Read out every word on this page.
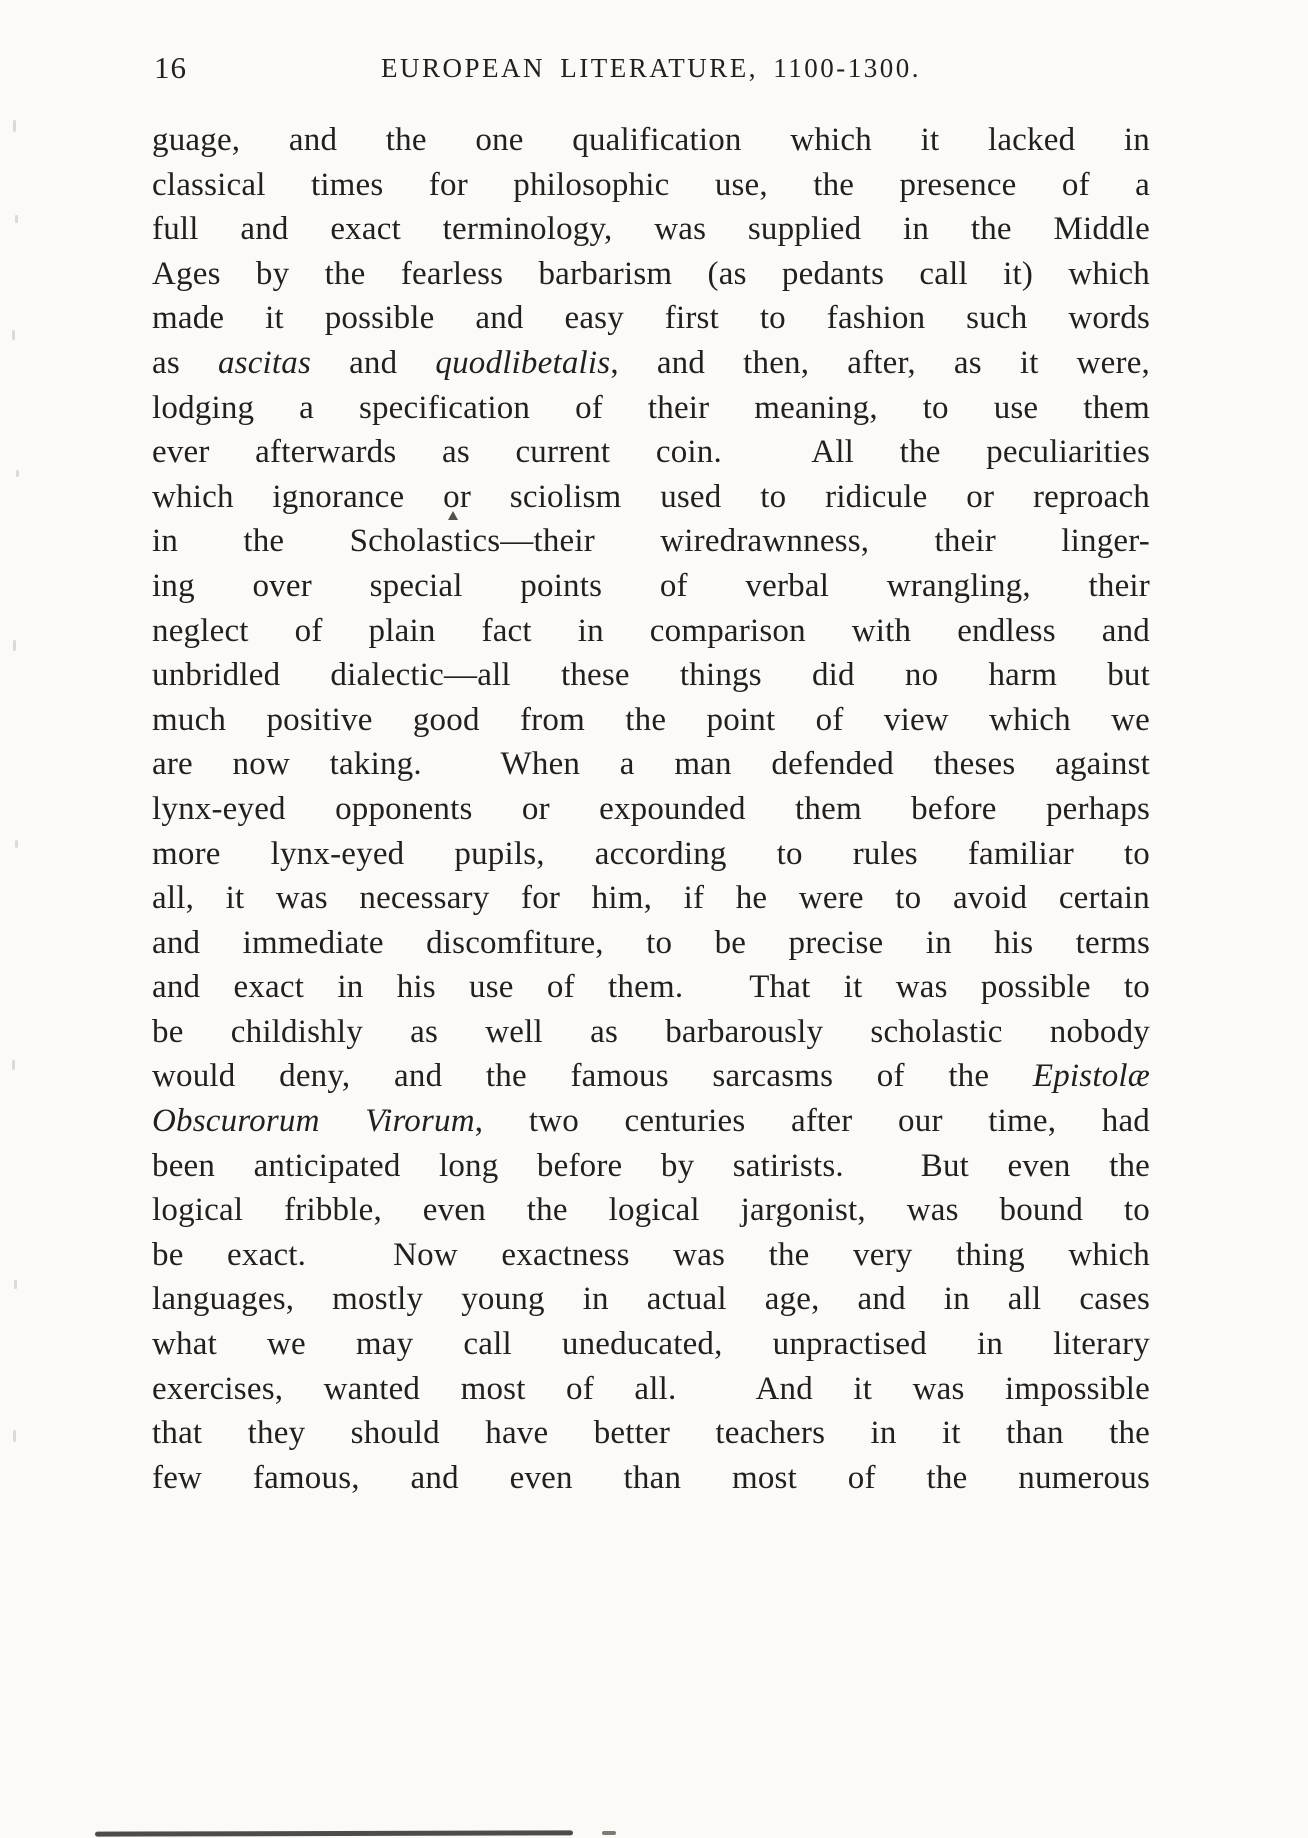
16	EUROPEAN LITERATURE, 1100-1300.
guage, and the one qualification which it lacked in
classical times for philosophic use, the presence of a
full and exact terminology, was supplied in the Middle
Ages by the fearless barbarism (as pedants call it) which
made it possible and easy first to fashion such words
as ascitas and quodlibetalis, and then, after, as it were,
lodging a specification of their meaning, to use them
ever afterwards as current coin.  All the peculiarities
which ignorance or sciolism used to ridicule or reproach
in the Scholastics—their wiredrawnness, their linger-
ing over special points of verbal wrangling, their
neglect of plain fact in comparison with endless and
unbridled dialectic—all these things did no harm but
much positive good from the point of view which we
are now taking.  When a man defended theses against
lynx-eyed opponents or expounded them before perhaps
more lynx-eyed pupils, according to rules familiar to
all, it was necessary for him, if he were to avoid certain
and immediate discomfiture, to be precise in his terms
and exact in his use of them.  That it was possible to
be childishly as well as barbarously scholastic nobody
would deny, and the famous sarcasms of the Epistolæ
Obscurorum Virorum, two centuries after our time, had
been anticipated long before by satirists.  But even the
logical fribble, even the logical jargonist, was bound to
be exact.  Now exactness was the very thing which
languages, mostly young in actual age, and in all cases
what we may call uneducated, unpractised in literary
exercises, wanted most of all.  And it was impossible
that they should have better teachers in it than the
few famous, and even than most of the numerous
